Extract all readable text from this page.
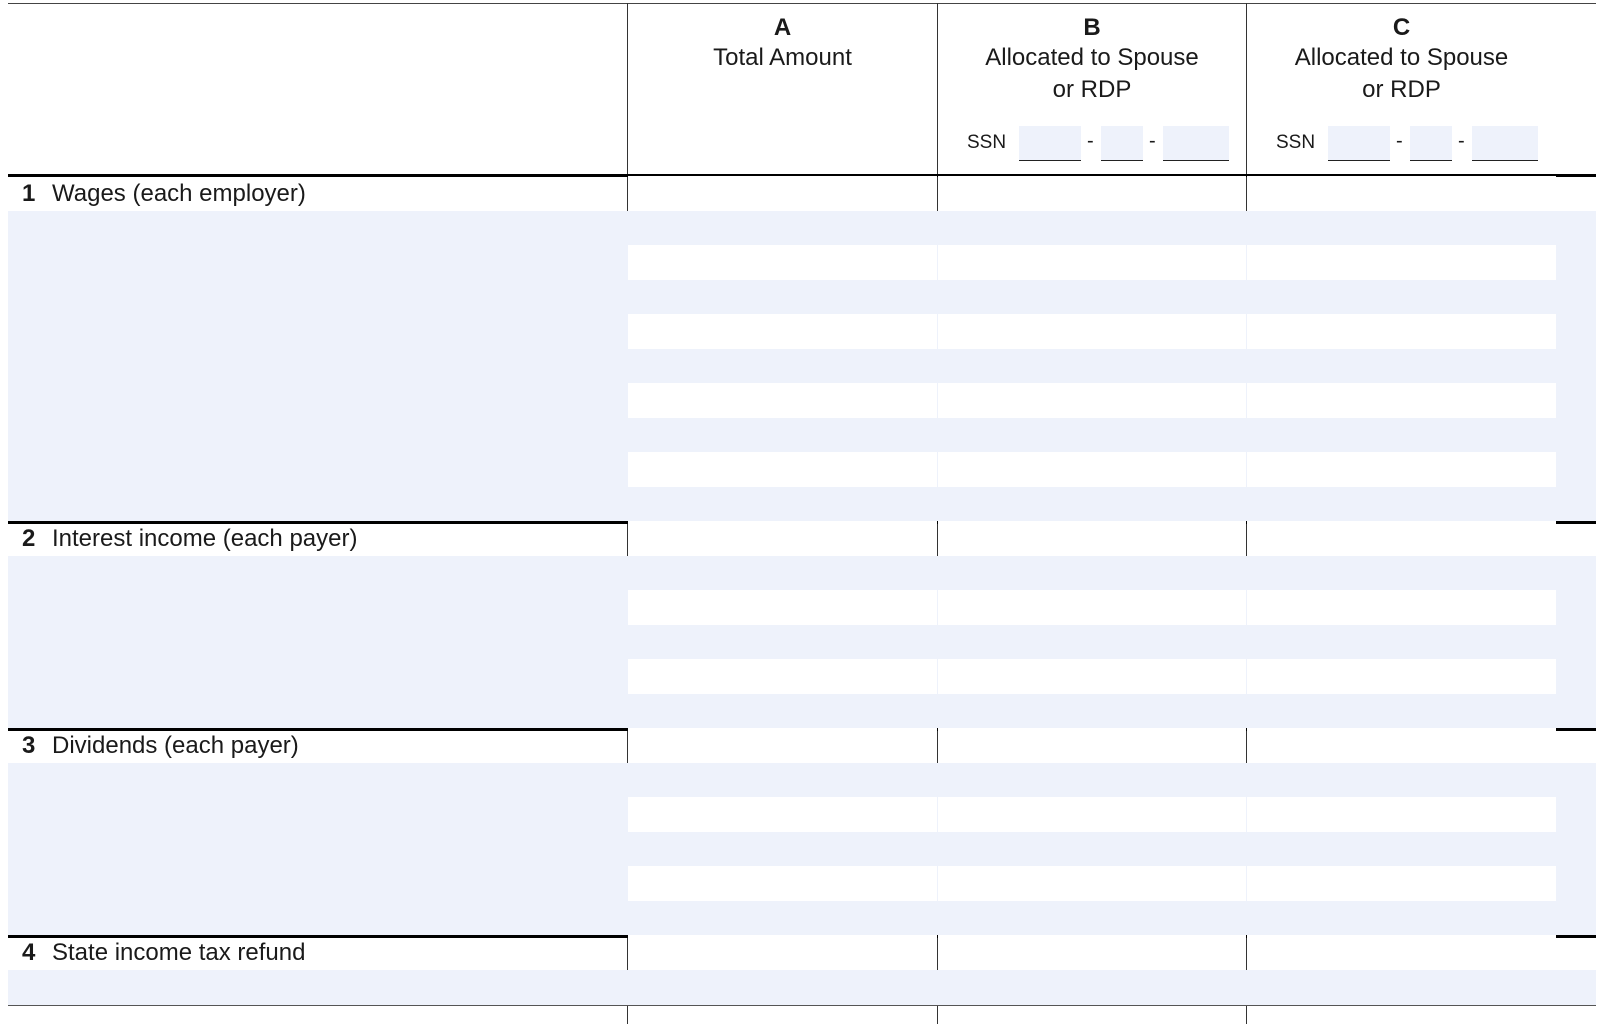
A
Total Amount
B
Allocated to Spouse
or RDP
SSN	-	-
C
Allocated to Spouse
or RDP
SSN	-	-
1 Wages (each employer)
2 Interest income (each payer)
3 Dividends (each payer)
4 State income tax refund
